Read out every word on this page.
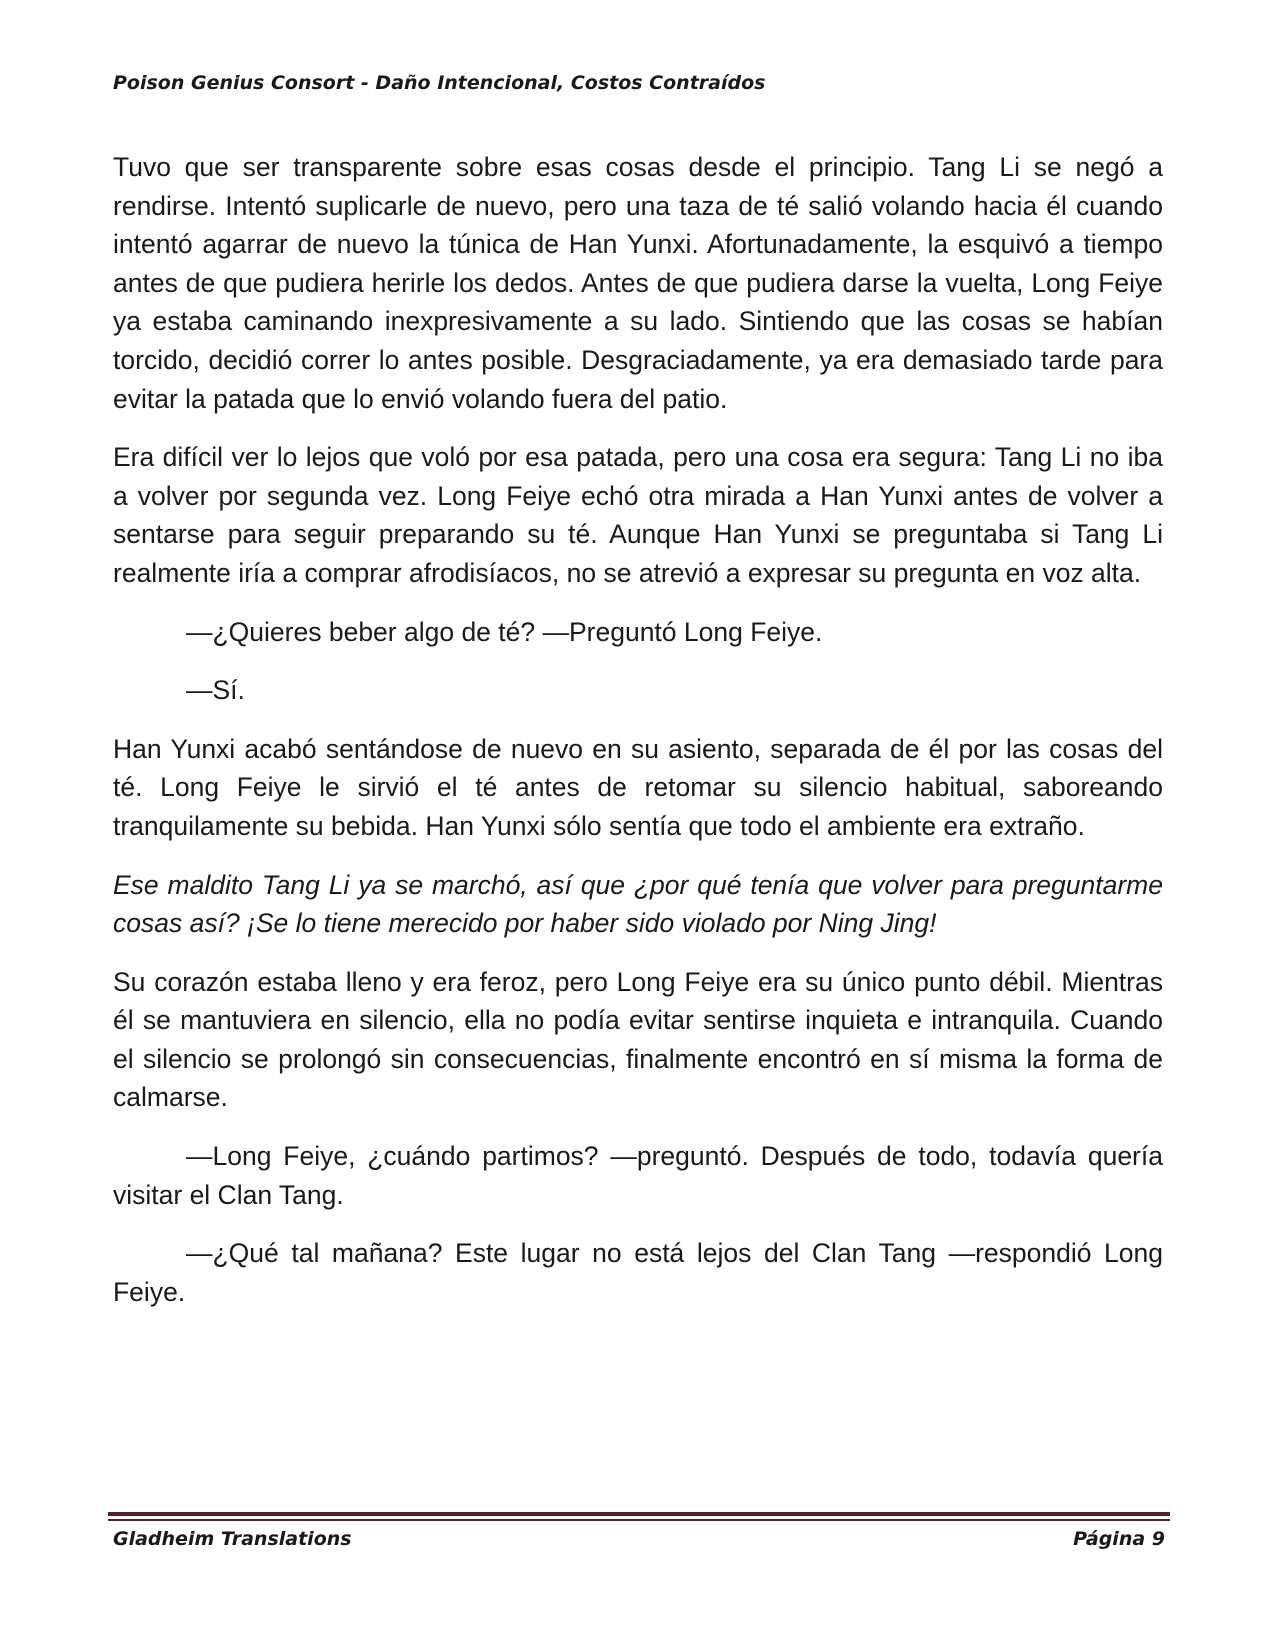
Poison Genius Consort - Daño Intencional, Costos Contraídos

Tuvo que ser transparente sobre esas cosas desde el principio. Tang Li se negó a rendirse. Intentó suplicarle de nuevo, pero una taza de té salió volando hacia él cuando intentó agarrar de nuevo la túnica de Han Yunxi. Afortunadamente, la esquivó a tiempo antes de que pudiera herirle los dedos. Antes de que pudiera darse la vuelta, Long Feiye ya estaba caminando inexpresivamente a su lado. Sintiendo que las cosas se habían torcido, decidió correr lo antes posible. Desgraciadamente, ya era demasiado tarde para evitar la patada que lo envió volando fuera del patio.

Era difícil ver lo lejos que voló por esa patada, pero una cosa era segura: Tang Li no iba a volver por segunda vez. Long Feiye echó otra mirada a Han Yunxi antes de volver a sentarse para seguir preparando su té. Aunque Han Yunxi se preguntaba si Tang Li realmente iría a comprar afrodisíacos, no se atrevió a expresar su pregunta en voz alta.

—¿Quieres beber algo de té? —Preguntó Long Feiye.

—Sí.

Han Yunxi acabó sentándose de nuevo en su asiento, separada de él por las cosas del té. Long Feiye le sirvió el té antes de retomar su silencio habitual, saboreando tranquilamente su bebida. Han Yunxi sólo sentía que todo el ambiente era extraño.

Ese maldito Tang Li ya se marchó, así que ¿por qué tenía que volver para preguntarme cosas así? ¡Se lo tiene merecido por haber sido violado por Ning Jing!

Su corazón estaba lleno y era feroz, pero Long Feiye era su único punto débil. Mientras él se mantuviera en silencio, ella no podía evitar sentirse inquieta e intranquila. Cuando el silencio se prolongó sin consecuencias, finalmente encontró en sí misma la forma de calmarse.

—Long Feiye, ¿cuándo partimos? —preguntó. Después de todo, todavía quería visitar el Clan Tang.

—¿Qué tal mañana? Este lugar no está lejos del Clan Tang —respondió Long Feiye.

Gladheim Translations	Página 9
